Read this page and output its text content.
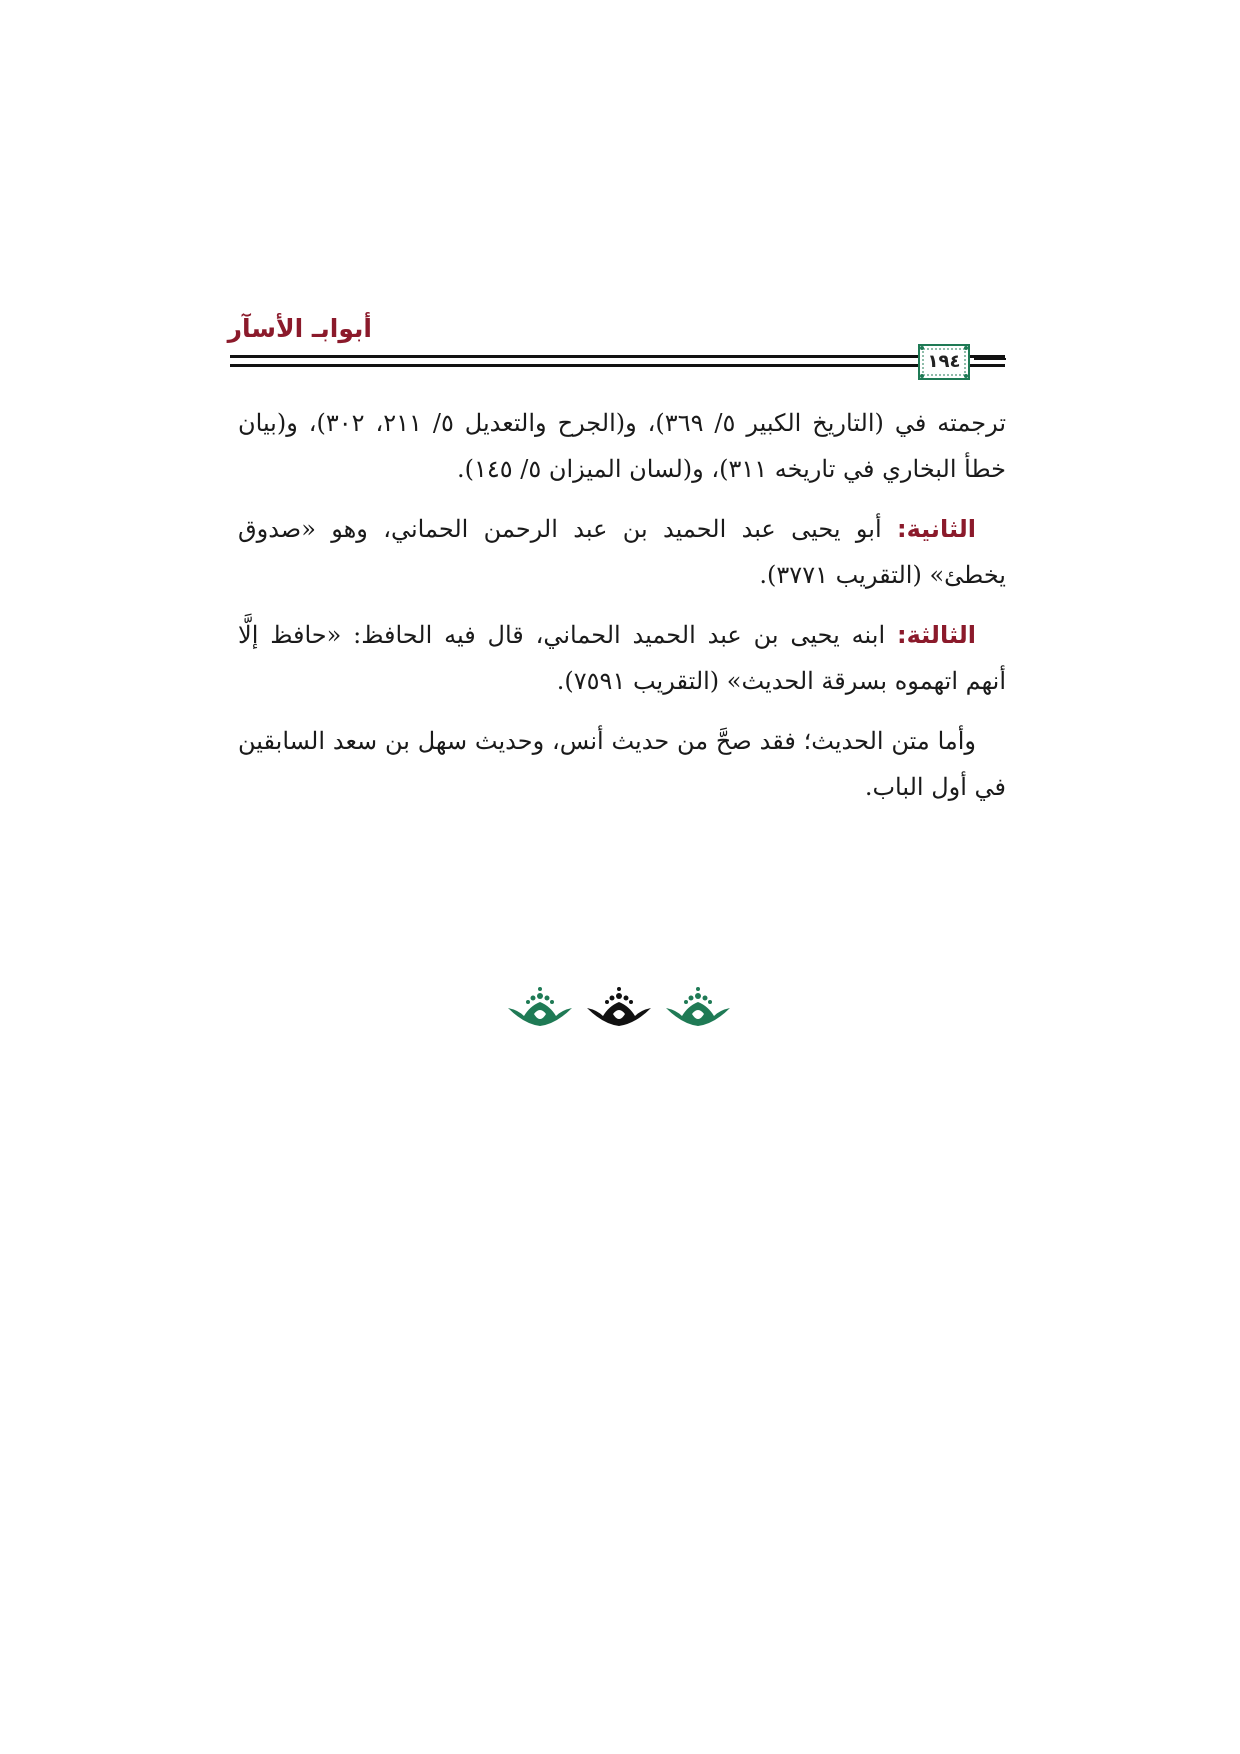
أبوابـ الأسآر
١٩٤

ترجمته في (التاريخ الكبير ٥/ ٣٦٩)، و(الجرح والتعديل ٥/ ٢١١، ٣٠٢)، و(بيان خطأ البخاري في تاريخه ٣١١)، و(لسان الميزان ٥/ ١٤٥).

الثانية: أبو يحيى عبد الحميد بن عبد الرحمن الحماني، وهو «صدوق يخطئ» (التقريب ٣٧٧١).

الثالثة: ابنه يحيى بن عبد الحميد الحماني، قال فيه الحافظ: «حافظ إلَّا أنهم اتهموه بسرقة الحديث» (التقريب ٧٥٩١).

وأما متن الحديث؛ فقد صحَّ من حديث أنس، وحديث سهل بن سعد السابقين في أول الباب.
